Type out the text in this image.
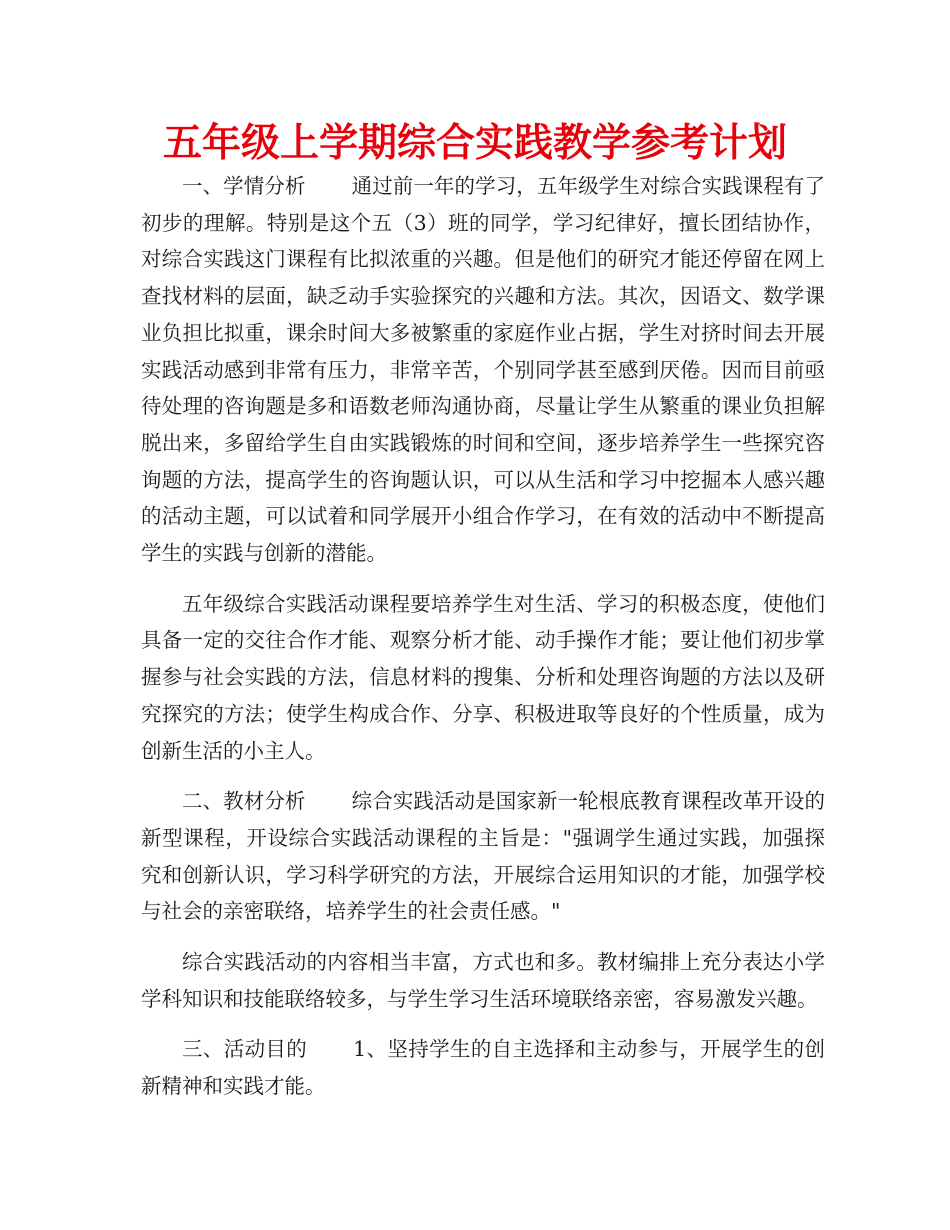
五年级上学期综合实践教学参考计划

一、学情分析 通过前一年的学习，五年级学生对综合实践课程有了初步的理解。特别是这个五（3）班的同学，学习纪律好，擅长团结协作，对综合实践这门课程有比拟浓重的兴趣。但是他们的研究才能还停留在网上查找材料的层面，缺乏动手实验探究的兴趣和方法。其次，因语文、数学课业负担比拟重，课余时间大多被繁重的家庭作业占据，学生对挤时间去开展实践活动感到非常有压力，非常辛苦，个别同学甚至感到厌倦。因而目前亟待处理的咨询题是多和语数老师沟通协商，尽量让学生从繁重的课业负担解脱出来，多留给学生自由实践锻炼的时间和空间，逐步培养学生一些探究咨询题的方法，提高学生的咨询题认识，可以从生活和学习中挖掘本人感兴趣的活动主题，可以试着和同学展开小组合作学习，在有效的活动中不断提高学生的实践与创新的潜能。

五年级综合实践活动课程要培养学生对生活、学习的积极态度，使他们具备一定的交往合作才能、观察分析才能、动手操作才能；要让他们初步掌握参与社会实践的方法，信息材料的搜集、分析和处理咨询题的方法以及研究探究的方法；使学生构成合作、分享、积极进取等良好的个性质量，成为创新生活的小主人。

二、教材分析 综合实践活动是国家新一轮根底教育课程改革开设的新型课程，开设综合实践活动课程的主旨是："强调学生通过实践，加强探究和创新认识，学习科学研究的方法，开展综合运用知识的才能，加强学校与社会的亲密联络，培养学生的社会责任感。"

综合实践活动的内容相当丰富，方式也和多。教材编排上充分表达小学学科知识和技能联络较多，与学生学习生活环境联络亲密，容易激发兴趣。

三、活动目的 1、坚持学生的自主选择和主动参与，开展学生的创新精神和实践才能。
